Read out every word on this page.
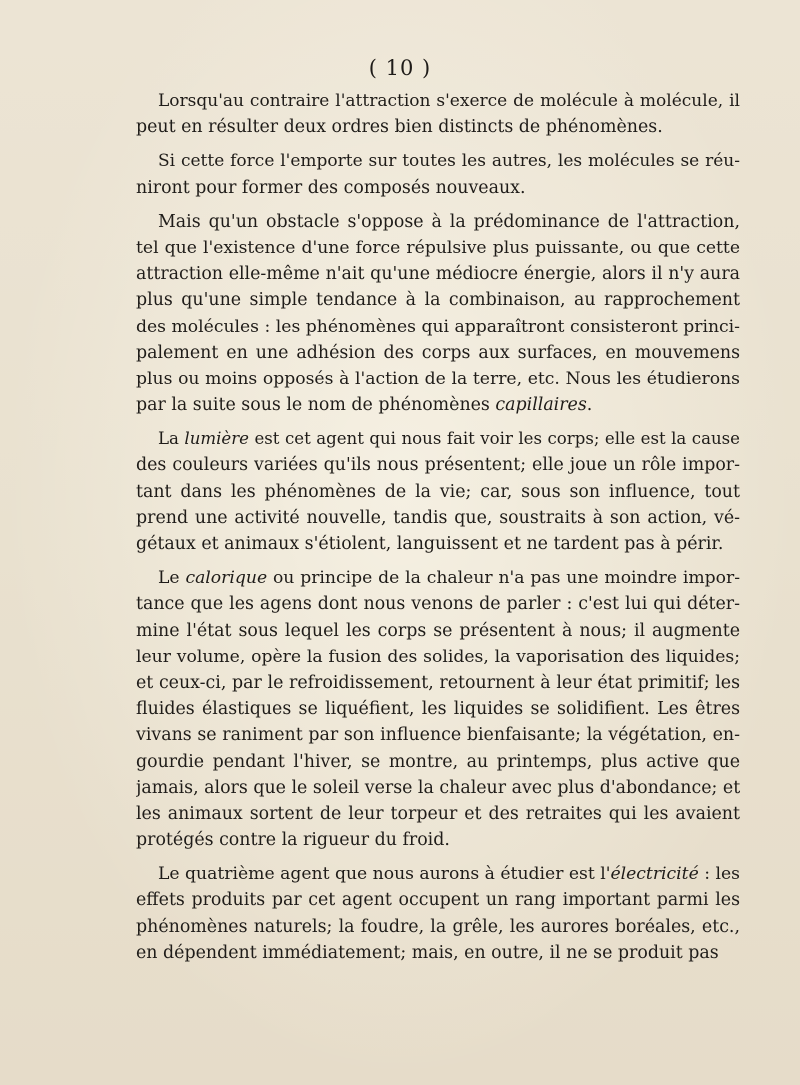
( 10 )
Lorsqu'au contraire l'attraction s'exerce de molécule à molécule, il
peut en résulter deux ordres bien distincts de phénomènes.
Si cette force l'emporte sur toutes les autres, les molécules se réu-
niront pour former des composés nouveaux.
Mais qu'un obstacle s'oppose à la prédominance de l'attraction,
tel que l'existence d'une force répulsive plus puissante, ou que cette
attraction elle-même n'ait qu'une médiocre énergie, alors il n'y aura
plus qu'une simple tendance à la combinaison, au rapprochement
des molécules : les phénomènes qui apparaîtront consisteront princi-
palement en une adhésion des corps aux surfaces, en mouvemens
plus ou moins opposés à l'action de la terre, etc. Nous les étudierons
par la suite sous le nom de phénomènes capillaires.
La lumière est cet agent qui nous fait voir les corps; elle est la cause
des couleurs variées qu'ils nous présentent; elle joue un rôle impor-
tant dans les phénomènes de la vie; car, sous son influence, tout
prend une activité nouvelle, tandis que, soustraits à son action, vé-
gétaux et animaux s'étiolent, languissent et ne tardent pas à périr.
Le calorique ou principe de la chaleur n'a pas une moindre impor-
tance que les agens dont nous venons de parler : c'est lui qui déter-
mine l'état sous lequel les corps se présentent à nous; il augmente
leur volume, opère la fusion des solides, la vaporisation des liquides;
et ceux-ci, par le refroidissement, retournent à leur état primitif; les
fluides élastiques se liquéfient, les liquides se solidifient. Les êtres
vivans se raniment par son influence bienfaisante; la végétation, en-
gourdie pendant l'hiver, se montre, au printemps, plus active que
jamais, alors que le soleil verse la chaleur avec plus d'abondance; et
les animaux sortent de leur torpeur et des retraites qui les avaient
protégés contre la rigueur du froid.
Le quatrième agent que nous aurons à étudier est l'électricité : les
effets produits par cet agent occupent un rang important parmi les
phénomènes naturels; la foudre, la grêle, les aurores boréales, etc.,
en dépendent immédiatement; mais, en outre, il ne se produit pas
